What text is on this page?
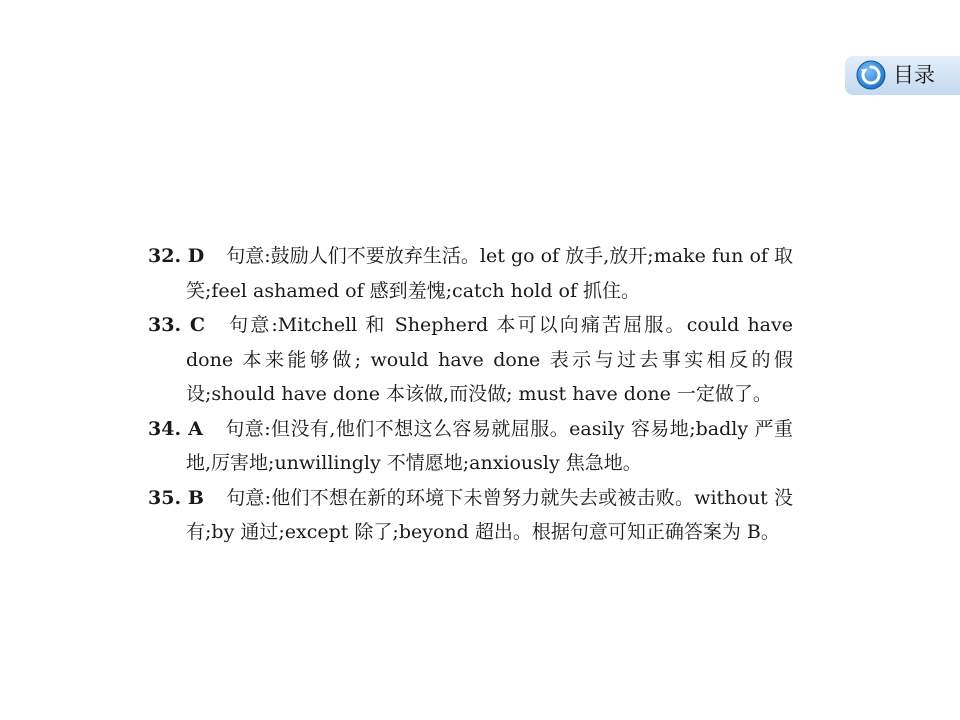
目录
32. D 句意:鼓励人们不要放弃生活。let go of 放手,放开;make fun of 取笑;feel ashamed of 感到羞愧;catch hold of 抓住。
33. C 句意:Mitchell 和 Shepherd 本可以向痛苦屈服。could have done 本来能够做; would have done 表示与过去事实相反的假设;should have done 本该做,而没做; must have done 一定做了。
34. A 句意:但没有,他们不想这么容易就屈服。easily 容易地;badly 严重地,厉害地;unwillingly 不情愿地;anxiously 焦急地。
35. B 句意:他们不想在新的环境下未曾努力就失去或被击败。without 没有;by 通过;except 除了;beyond 超出。根据句意可知正确答案为 B。
